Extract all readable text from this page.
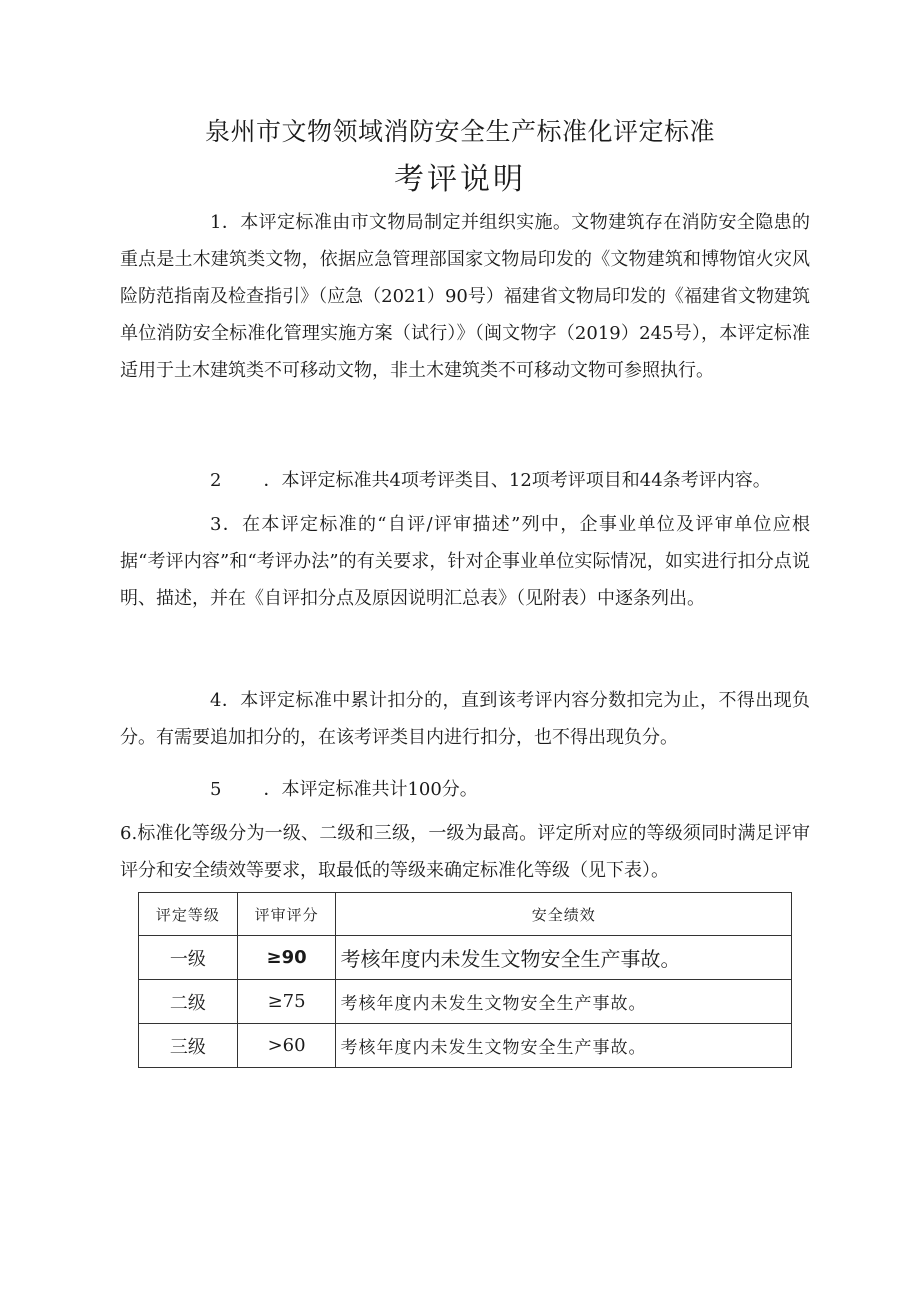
泉州市文物领域消防安全生产标准化评定标准
考评说明

1．本评定标准由市文物局制定并组织实施。文物建筑存在消防安全隐患的重点是土木建筑类文物，依据应急管理部国家文物局印发的《文物建筑和博物馆火灾风险防范指南及检查指引》（应急（2021）90号）福建省文物局印发的《福建省文物建筑单位消防安全标准化管理实施方案（试行）》（闽文物字（2019）245号），本评定标准适用于土木建筑类不可移动文物，非土木建筑类不可移动文物可参照执行。

2 ．本评定标准共4项考评类目、12项考评项目和44条考评内容。

3．在本评定标准的“自评/评审描述”列中，企事业单位及评审单位应根据“考评内容”和“考评办法”的有关要求，针对企事业单位实际情况，如实进行扣分点说明、描述，并在《自评扣分点及原因说明汇总表》（见附表）中逐条列出。

4．本评定标准中累计扣分的，直到该考评内容分数扣完为止，不得出现负分。有需要追加扣分的，在该考评类目内进行扣分，也不得出现负分。

5 ．本评定标准共计100分。

6.标准化等级分为一级、二级和三级，一级为最高。评定所对应的等级须同时满足评审评分和安全绩效等要求，取最低的等级来确定标准化等级（见下表）。

评定等级	评审评分	安全绩效
一级	≥90	考核年度内未发生文物安全生产事故。
二级	≥75	考核年度内未发生文物安全生产事故。
三级	>60	考核年度内未发生文物安全生产事故。
